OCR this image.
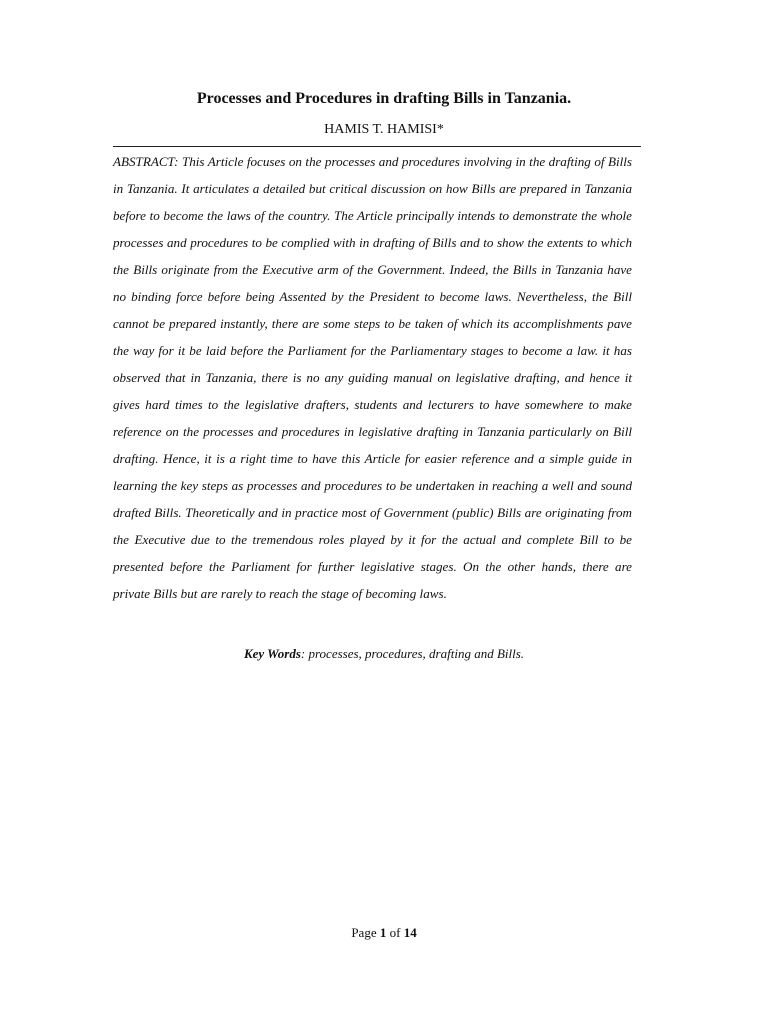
Processes and Procedures in drafting Bills in Tanzania.
HAMIS T. HAMISI*

ABSTRACT: This Article focuses on the processes and procedures involving in the drafting of Bills in Tanzania. It articulates a detailed but critical discussion on how Bills are prepared in Tanzania before to become the laws of the country. The Article principally intends to demonstrate the whole processes and procedures to be complied with in drafting of Bills and to show the extents to which the Bills originate from the Executive arm of the Government. Indeed, the Bills in Tanzania have no binding force before being Assented by the President to become laws. Nevertheless, the Bill cannot be prepared instantly, there are some steps to be taken of which its accomplishments pave the way for it be laid before the Parliament for the Parliamentary stages to become a law. it has observed that in Tanzania, there is no any guiding manual on legislative drafting, and hence it gives hard times to the legislative drafters, students and lecturers to have somewhere to make reference on the processes and procedures in legislative drafting in Tanzania particularly on Bill drafting. Hence, it is a right time to have this Article for easier reference and a simple guide in learning the key steps as processes and procedures to be undertaken in reaching a well and sound drafted Bills. Theoretically and in practice most of Government (public) Bills are originating from the Executive due to the tremendous roles played by it for the actual and complete Bill to be presented before the Parliament for further legislative stages. On the other hands, there are private Bills but are rarely to reach the stage of becoming laws.

Key Words: processes, procedures, drafting and Bills.
Page 1 of 14
